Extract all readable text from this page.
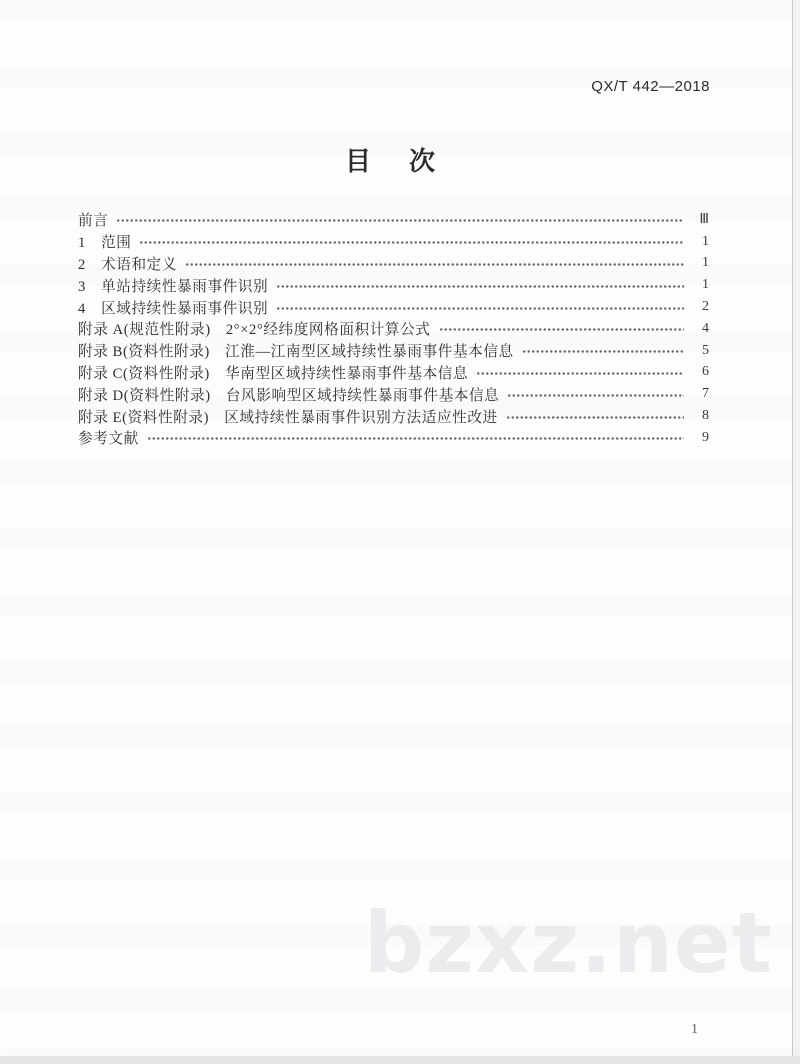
QX/T 442—2018
目　次
前言	Ⅲ
1　范围	1
2　术语和定义	1
3　单站持续性暴雨事件识别	1
4　区域持续性暴雨事件识别	2
附录 A(规范性附录)　2°×2°经纬度网格面积计算公式	4
附录 B(资料性附录)　江淮—江南型区域持续性暴雨事件基本信息	5
附录 C(资料性附录)　华南型区域持续性暴雨事件基本信息	6
附录 D(资料性附录)　台风影响型区域持续性暴雨事件基本信息	7
附录 E(资料性附录)　区域持续性暴雨事件识别方法适应性改进	8
参考文献	9
bzxz.net
1
